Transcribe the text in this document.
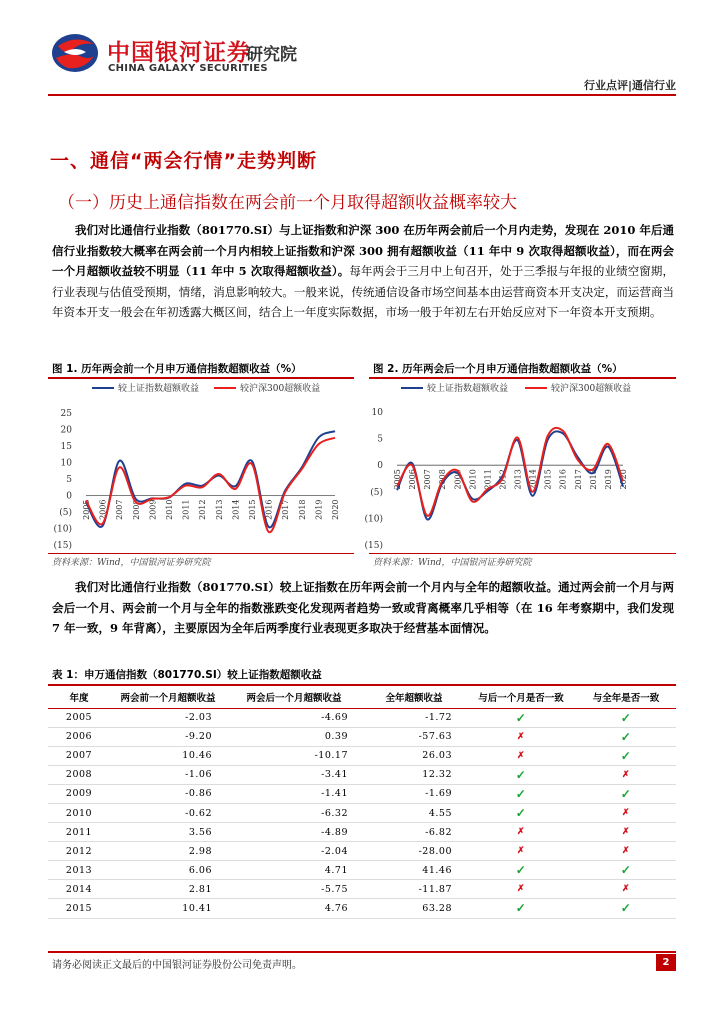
中国银河证券
研究院
CHINA GALAXY SECURITIES
行业点评|通信行业
一、通信“两会行情”走势判断
（一）历史上通信指数在两会前一个月取得超额收益概率较大
我们对比通信行业指数（801770.SI）与上证指数和沪深 300 在历年两会前后一个月内走势，发现在 2010 年后通信行业指数较大概率在两会前一个月内相较上证指数和沪深 300 拥有超额收益（11 年中 9 次取得超额收益），而在两会一个月超额收益较不明显（11 年中 5 次取得超额收益）。每年两会于三月中上旬召开，处于三季报与年报的业绩空窗期，行业表现与估值受预期，情绪，消息影响较大。一般来说，传统通信设备市场空间基本由运营商资本开支决定，而运营商当年资本开支一般会在年初透露大概区间，结合上一年度实际数据，市场一般于年初左右开始反应对下一年资本开支预期。
图 1. 历年两会前一个月申万通信指数超额收益（%）
较上证指数超额收益	较沪深300超额收益
25
20
15
10
5
0
(5)
(10)
(15)
2005 2006 2007 2008 2009 2010 2011 2012 2013 2014 2015 2016 2017 2018 2019 2020
资料来源：Wind，中国银河证券研究院
图 2. 历年两会后一个月申万通信指数超额收益（%）
较上证指数超额收益	较沪深300超额收益
10
5
0
(5)
(10)
(15)
2005 2006 2007 2008 2009 2010 2011 2012 2013 2014 2015 2016 2017 2018 2019 2020
资料来源：Wind，中国银河证券研究院
我们对比通信行业指数（801770.SI）较上证指数在历年两会前一个月内与全年的超额收益。通过两会前一个月与两会后一个月、两会前一个月与全年的指数涨跌变化发现两者趋势一致或背离概率几乎相等（在 16 年考察期中，我们发现 7 年一致，9 年背离），主要原因为全年后两季度行业表现更多取决于经营基本面情况。
表 1：申万通信指数（801770.SI）较上证指数超额收益
年度	两会前一个月超额收益	两会后一个月超额收益	全年超额收益	与后一个月是否一致	与全年是否一致
2005	-2.03	-4.69	-1.72	✓	✓
2006	-9.20	0.39	-57.63	✗	✓
2007	10.46	-10.17	26.03	✗	✓
2008	-1.06	-3.41	12.32	✓	✗
2009	-0.86	-1.41	-1.69	✓	✓
2010	-0.62	-6.32	4.55	✓	✗
2011	3.56	-4.89	-6.82	✗	✗
2012	2.98	-2.04	-28.00	✗	✗
2013	6.06	4.71	41.46	✓	✓
2014	2.81	-5.75	-11.87	✗	✗
2015	10.41	4.76	63.28	✓	✓
请务必阅读正文最后的中国银河证券股份公司免责声明。	2
